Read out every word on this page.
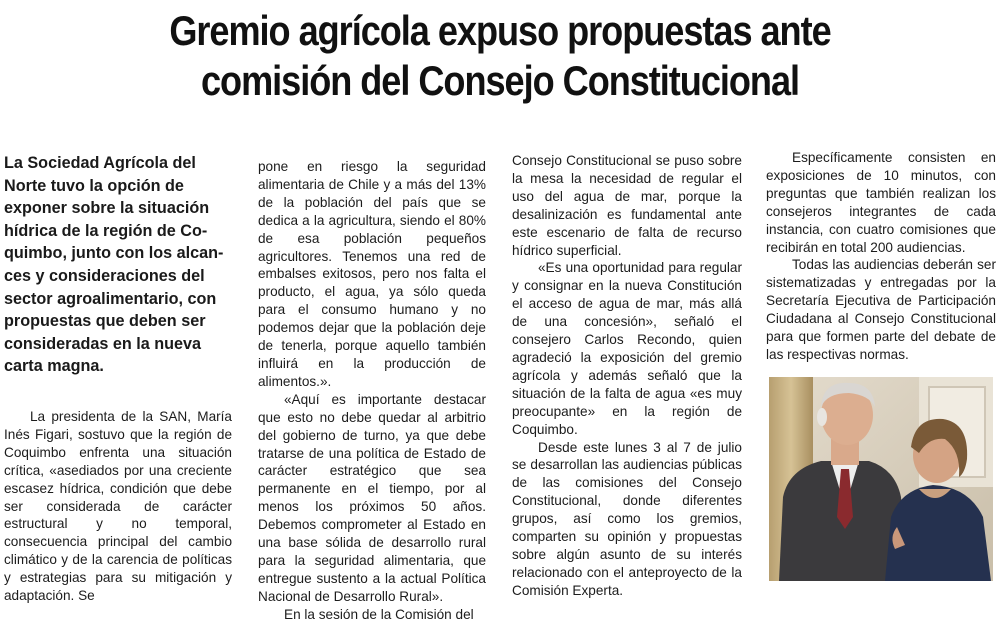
Gremio agrícola expuso propuestas ante
comisión del Consejo Constitucional
La Sociedad Agrícola del
Norte tuvo la opción de
exponer sobre la situación
hídrica de la región de Co-
quimbo, junto con los alcan-
ces y consideraciones del
sector agroalimentario, con
propuestas que deben ser
consideradas en la nueva
carta magna.

La presidenta de la SAN, María Inés Figari, sostuvo que la región de Coquimbo enfrenta una situación crítica, «asediados por una creciente escasez hídrica, condición que debe ser considerada de carácter estructural y no temporal, consecuencia principal del cambio climático y de la carencia de políticas y estrategias para su mitigación y adaptación. Se

pone en riesgo la seguridad alimentaria de Chile y a más del 13% de la población del país que se dedica a la agricultura, siendo el 80% de esa población pequeños agricultores. Tenemos una red de embalses exitosos, pero nos falta el producto, el agua, ya sólo queda para el consumo humano y no podemos dejar que la población deje de tenerla, porque aquello también influirá en la producción de alimentos.».

«Aquí es importante destacar que esto no debe quedar al arbitrio del gobierno de turno, ya que debe tratarse de una política de Estado de carácter estratégico que sea permanente en el tiempo, por al menos los próximos 50 años. Debemos comprometer al Estado en una base sólida de desarrollo rural para la seguridad alimentaria, que entregue sustento a la actual Política Nacional de Desarrollo Rural».

En la sesión de la Comisión del

Consejo Constitucional se puso sobre la mesa la necesidad de regular el uso del agua de mar, porque la desalinización es fundamental ante este escenario de falta de recurso hídrico superficial.

«Es una oportunidad para regular y consignar en la nueva Constitución el acceso de agua de mar, más allá de una concesión», señaló el consejero Carlos Recondo, quien agradeció la exposición del gremio agrícola y además señaló que la situación de la falta de agua «es muy preocupante» en la región de Coquimbo.

Desde este lunes 3 al 7 de julio se desarrollan las audiencias públicas de las comisiones del Consejo Constitucional, donde diferentes grupos, así como los gremios, comparten su opinión y propuestas sobre algún asunto de su interés relacionado con el anteproyecto de la Comisión Experta.

Específicamente consisten en exposiciones de 10 minutos, con preguntas que también realizan los consejeros integrantes de cada instancia, con cuatro comisiones que recibirán en total 200 audiencias.

Todas las audiencias deberán ser sistematizadas y entregadas por la Secretaría Ejecutiva de Participación Ciudadana al Consejo Constitucional para que formen parte del debate de las respectivas normas.
